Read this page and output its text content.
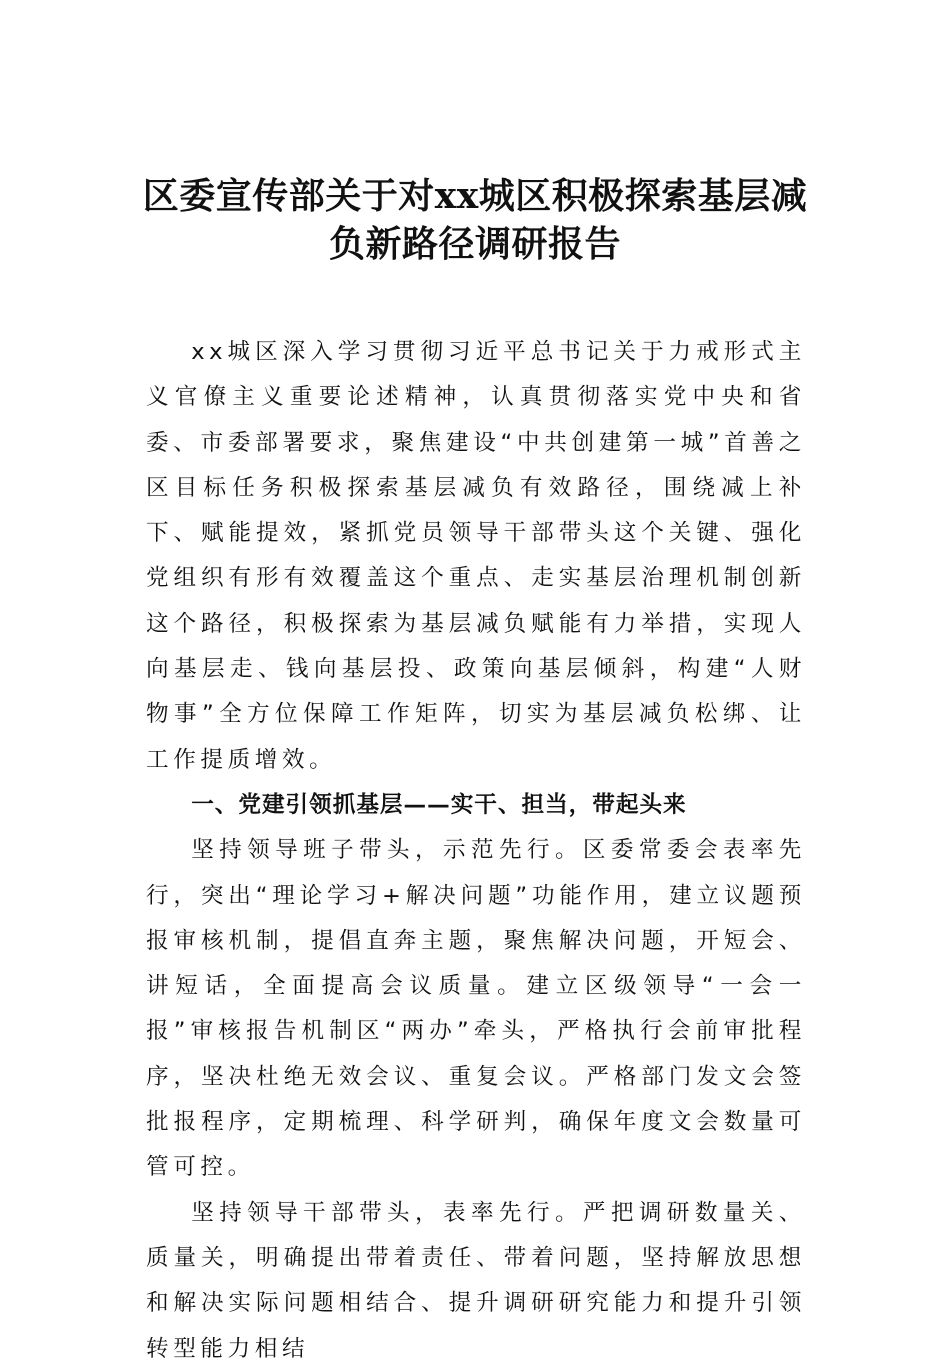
区委宣传部关于对xx城区积极探索基层减
负新路径调研报告

xx城区深入学习贯彻习近平总书记关于力戒形式主义官僚主义重要论述精神，认真贯彻落实党中央和省委、市委部署要求，聚焦建设“中共创建第一城”首善之区目标任务积极探索基层减负有效路径，围绕减上补下、赋能提效，紧抓党员领导干部带头这个关键、强化党组织有形有效覆盖这个重点、走实基层治理机制创新这个路径，积极探索为基层减负赋能有力举措，实现人向基层走、钱向基层投、政策向基层倾斜，构建“人财物事”全方位保障工作矩阵，切实为基层减负松绑、让工作提质增效。

一、党建引领抓基层——实干、担当，带起头来

坚持领导班子带头，示范先行。区委常委会表率先行，突出“理论学习+解决问题”功能作用，建立议题预报审核机制，提倡直奔主题，聚焦解决问题，开短会、讲短话，全面提高会议质量。建立区级领导“一会一报”审核报告机制区“两办”牵头，严格执行会前审批程序，坚决杜绝无效会议、重复会议。严格部门发文会签批报程序，定期梳理、科学研判，确保年度文会数量可管可控。

坚持领导干部带头，表率先行。严把调研数量关、质量关，明确提出带着责任、带着问题，坚持解放思想和解决实际问题相结合、提升调研研究能力和提升引领转型能力相结
